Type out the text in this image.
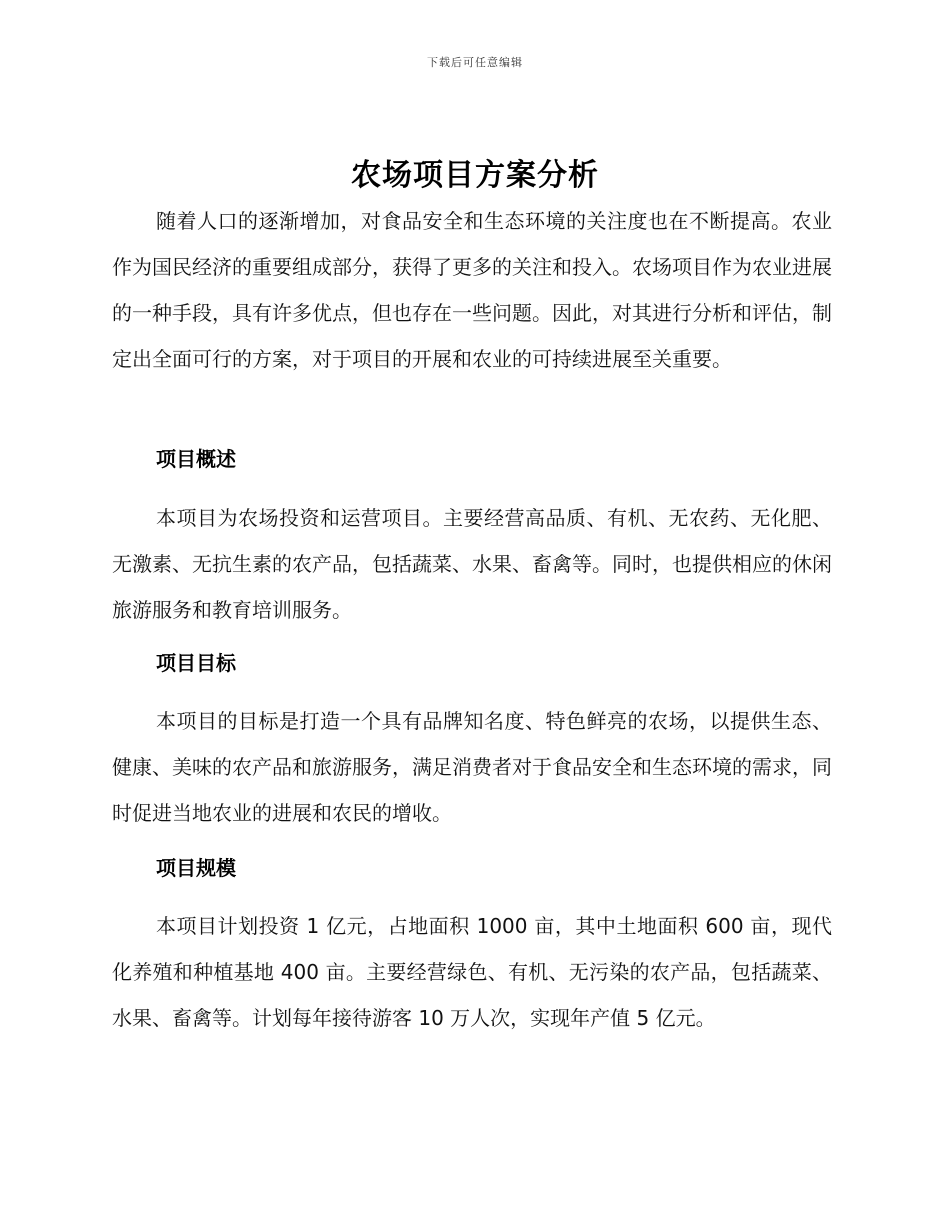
下载后可任意编辑
农场项目方案分析

随着人口的逐渐增加，对食品安全和生态环境的关注度也在不断提高。农业作为国民经济的重要组成部分，获得了更多的关注和投入。农场项目作为农业进展的一种手段，具有许多优点，但也存在一些问题。因此，对其进行分析和评估，制定出全面可行的方案，对于项目的开展和农业的可持续进展至关重要。

项目概述

本项目为农场投资和运营项目。主要经营高品质、有机、无农药、无化肥、无激素、无抗生素的农产品，包括蔬菜、水果、畜禽等。同时，也提供相应的休闲旅游服务和教育培训服务。

项目目标

本项目的目标是打造一个具有品牌知名度、特色鲜亮的农场，以提供生态、健康、美味的农产品和旅游服务，满足消费者对于食品安全和生态环境的需求，同时促进当地农业的进展和农民的增收。

项目规模

本项目计划投资 1 亿元，占地面积 1000 亩，其中土地面积 600 亩，现代化养殖和种植基地 400 亩。主要经营绿色、有机、无污染的农产品，包括蔬菜、水果、畜禽等。计划每年接待游客 10 万人次，实现年产值 5 亿元。
